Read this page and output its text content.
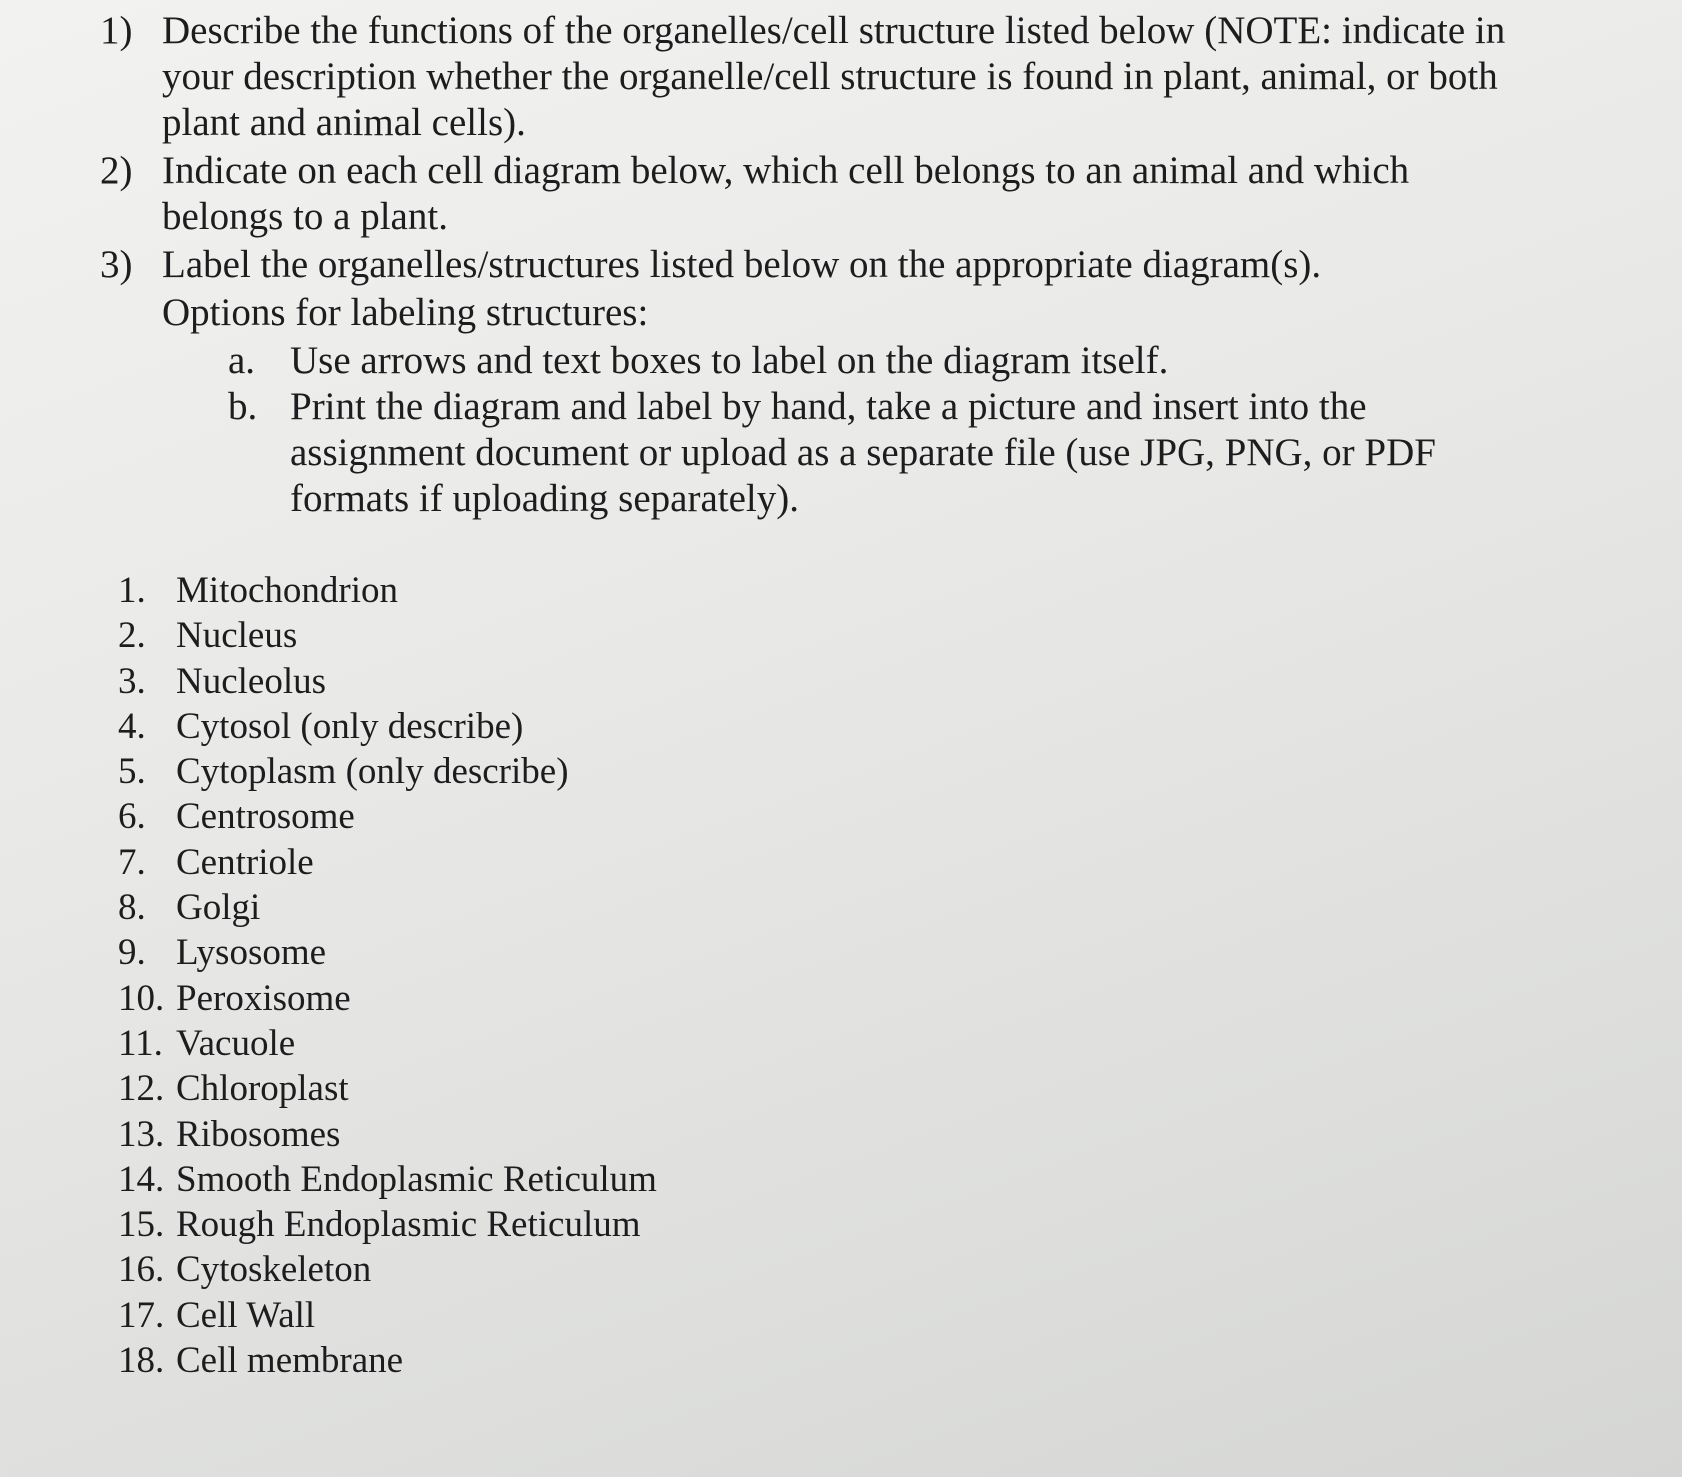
1) Describe the functions of the organelles/cell structure listed below (NOTE: indicate in your description whether the organelle/cell structure is found in plant, animal, or both plant and animal cells).
2) Indicate on each cell diagram below, which cell belongs to an animal and which belongs to a plant.
3) Label the organelles/structures listed below on the appropriate diagram(s).
Options for labeling structures:
a. Use arrows and text boxes to label on the diagram itself.
b. Print the diagram and label by hand, take a picture and insert into the assignment document or upload as a separate file (use JPG, PNG, or PDF formats if uploading separately).
1. Mitochondrion
2. Nucleus
3. Nucleolus
4. Cytosol (only describe)
5. Cytoplasm (only describe)
6. Centrosome
7. Centriole
8. Golgi
9. Lysosome
10. Peroxisome
11. Vacuole
12. Chloroplast
13. Ribosomes
14. Smooth Endoplasmic Reticulum
15. Rough Endoplasmic Reticulum
16. Cytoskeleton
17. Cell Wall
18. Cell membrane
